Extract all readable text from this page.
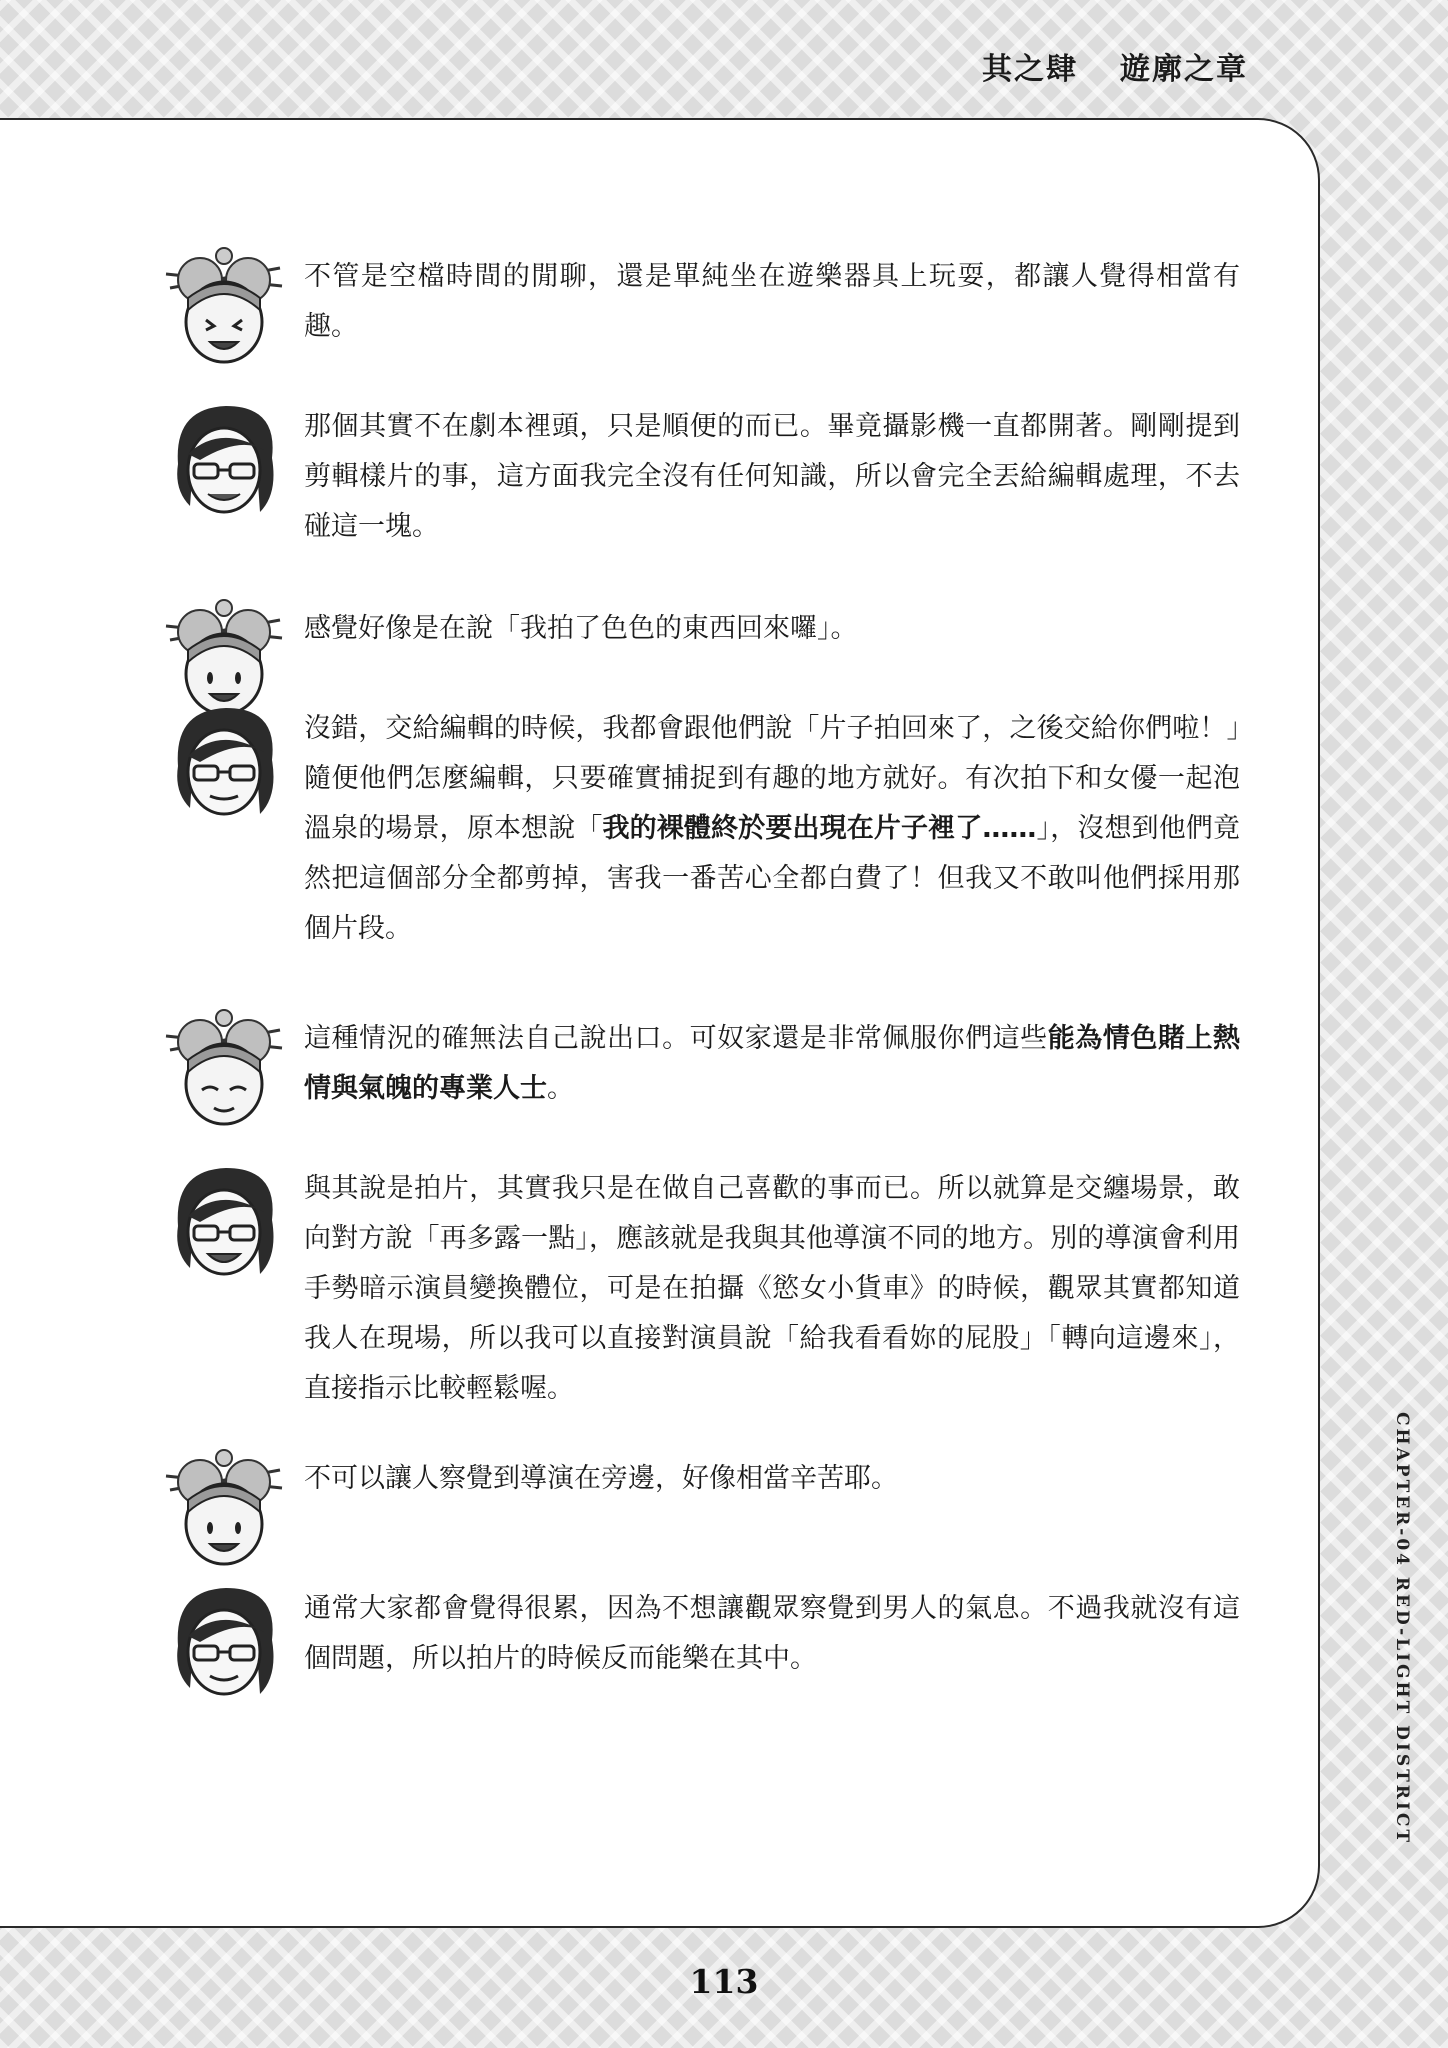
其之肆 遊廓之章

不管是空檔時間的閒聊，還是單純坐在遊樂器具上玩耍，都讓人覺得相當有趣。

那個其實不在劇本裡頭，只是順便的而已。畢竟攝影機一直都開著。剛剛提到剪輯樣片的事，這方面我完全沒有任何知識，所以會完全丟給編輯處理，不去碰這一塊。

感覺好像是在說「我拍了色色的東西回來囉」。

沒錯，交給編輯的時候，我都會跟他們說「片子拍回來了，之後交給你們啦！」隨便他們怎麼編輯，只要確實捕捉到有趣的地方就好。有次拍下和女優一起泡溫泉的場景，原本想說「我的裸體終於要出現在片子裡了……」，沒想到他們竟然把這個部分全都剪掉，害我一番苦心全都白費了！但我又不敢叫他們採用那個片段。

這種情況的確無法自己說出口。可奴家還是非常佩服你們這些能為情色賭上熱情與氣魄的專業人士。

與其說是拍片，其實我只是在做自己喜歡的事而已。所以就算是交纏場景，敢向對方說「再多露一點」，應該就是我與其他導演不同的地方。別的導演會利用手勢暗示演員變換體位，可是在拍攝《慾女小貨車》的時候，觀眾其實都知道我人在現場，所以我可以直接對演員說「給我看看妳的屁股」「轉向這邊來」，直接指示比較輕鬆喔。

不可以讓人察覺到導演在旁邊，好像相當辛苦耶。

通常大家都會覺得很累，因為不想讓觀眾察覺到男人的氣息。不過我就沒有這個問題，所以拍片的時候反而能樂在其中。	CHAPTER-04 RED-LIGHT DISTRICT
113
